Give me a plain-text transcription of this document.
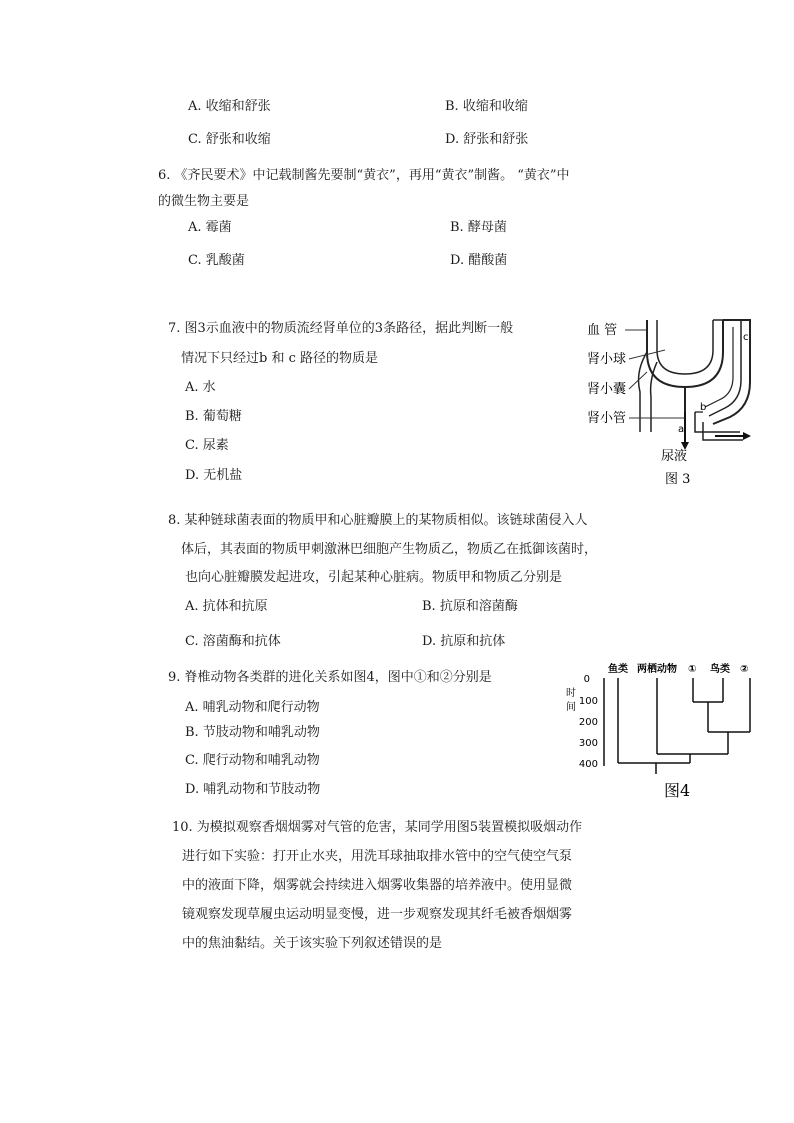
A. 收缩和舒张	B. 收缩和收缩
C. 舒张和收缩	D. 舒张和舒张
6. 《齐民要术》中记载制酱先要制“黄衣”，再用“黄衣”制酱。 “黄衣”中
的微生物主要是
A. 霉菌	B. 酵母菌
C. 乳酸菌	D. 醋酸菌
7. 图3示血液中的物质流经肾单位的3条路径，据此判断一般
情况下只经过b 和 c 路径的物质是
A. 水
B. 葡萄糖
C. 尿素
D. 无机盐
血 管
肾小球
肾小囊
肾小管
a
b
c
尿液
图 3
8. 某种链球菌表面的物质甲和心脏瓣膜上的某物质相似。该链球菌侵入人
体后，其表面的物质甲刺激淋巴细胞产生物质乙，物质乙在抵御该菌时，
也向心脏瓣膜发起进攻，引起某种心脏病。物质甲和物质乙分别是
A. 抗体和抗原	B. 抗原和溶菌酶
C. 溶菌酶和抗体	D. 抗原和抗体
9. 脊椎动物各类群的进化关系如图4，图中①和②分别是
A. 哺乳动物和爬行动物
B. 节肢动物和哺乳动物
C. 爬行动物和哺乳动物
D. 哺乳动物和节肢动物
鱼类 两栖动物 ① 鸟类 ②
时
间
0
100
200
300
400
图4
10. 为模拟观察香烟烟雾对气管的危害，某同学用图5装置模拟吸烟动作
进行如下实验：打开止水夹，用洗耳球抽取排水管中的空气使空气泵
中的液面下降，烟雾就会持续进入烟雾收集器的培养液中。使用显微
镜观察发现草履虫运动明显变慢，进一步观察发现其纤毛被香烟烟雾
中的焦油黏结。关于该实验下列叙述错误的是
